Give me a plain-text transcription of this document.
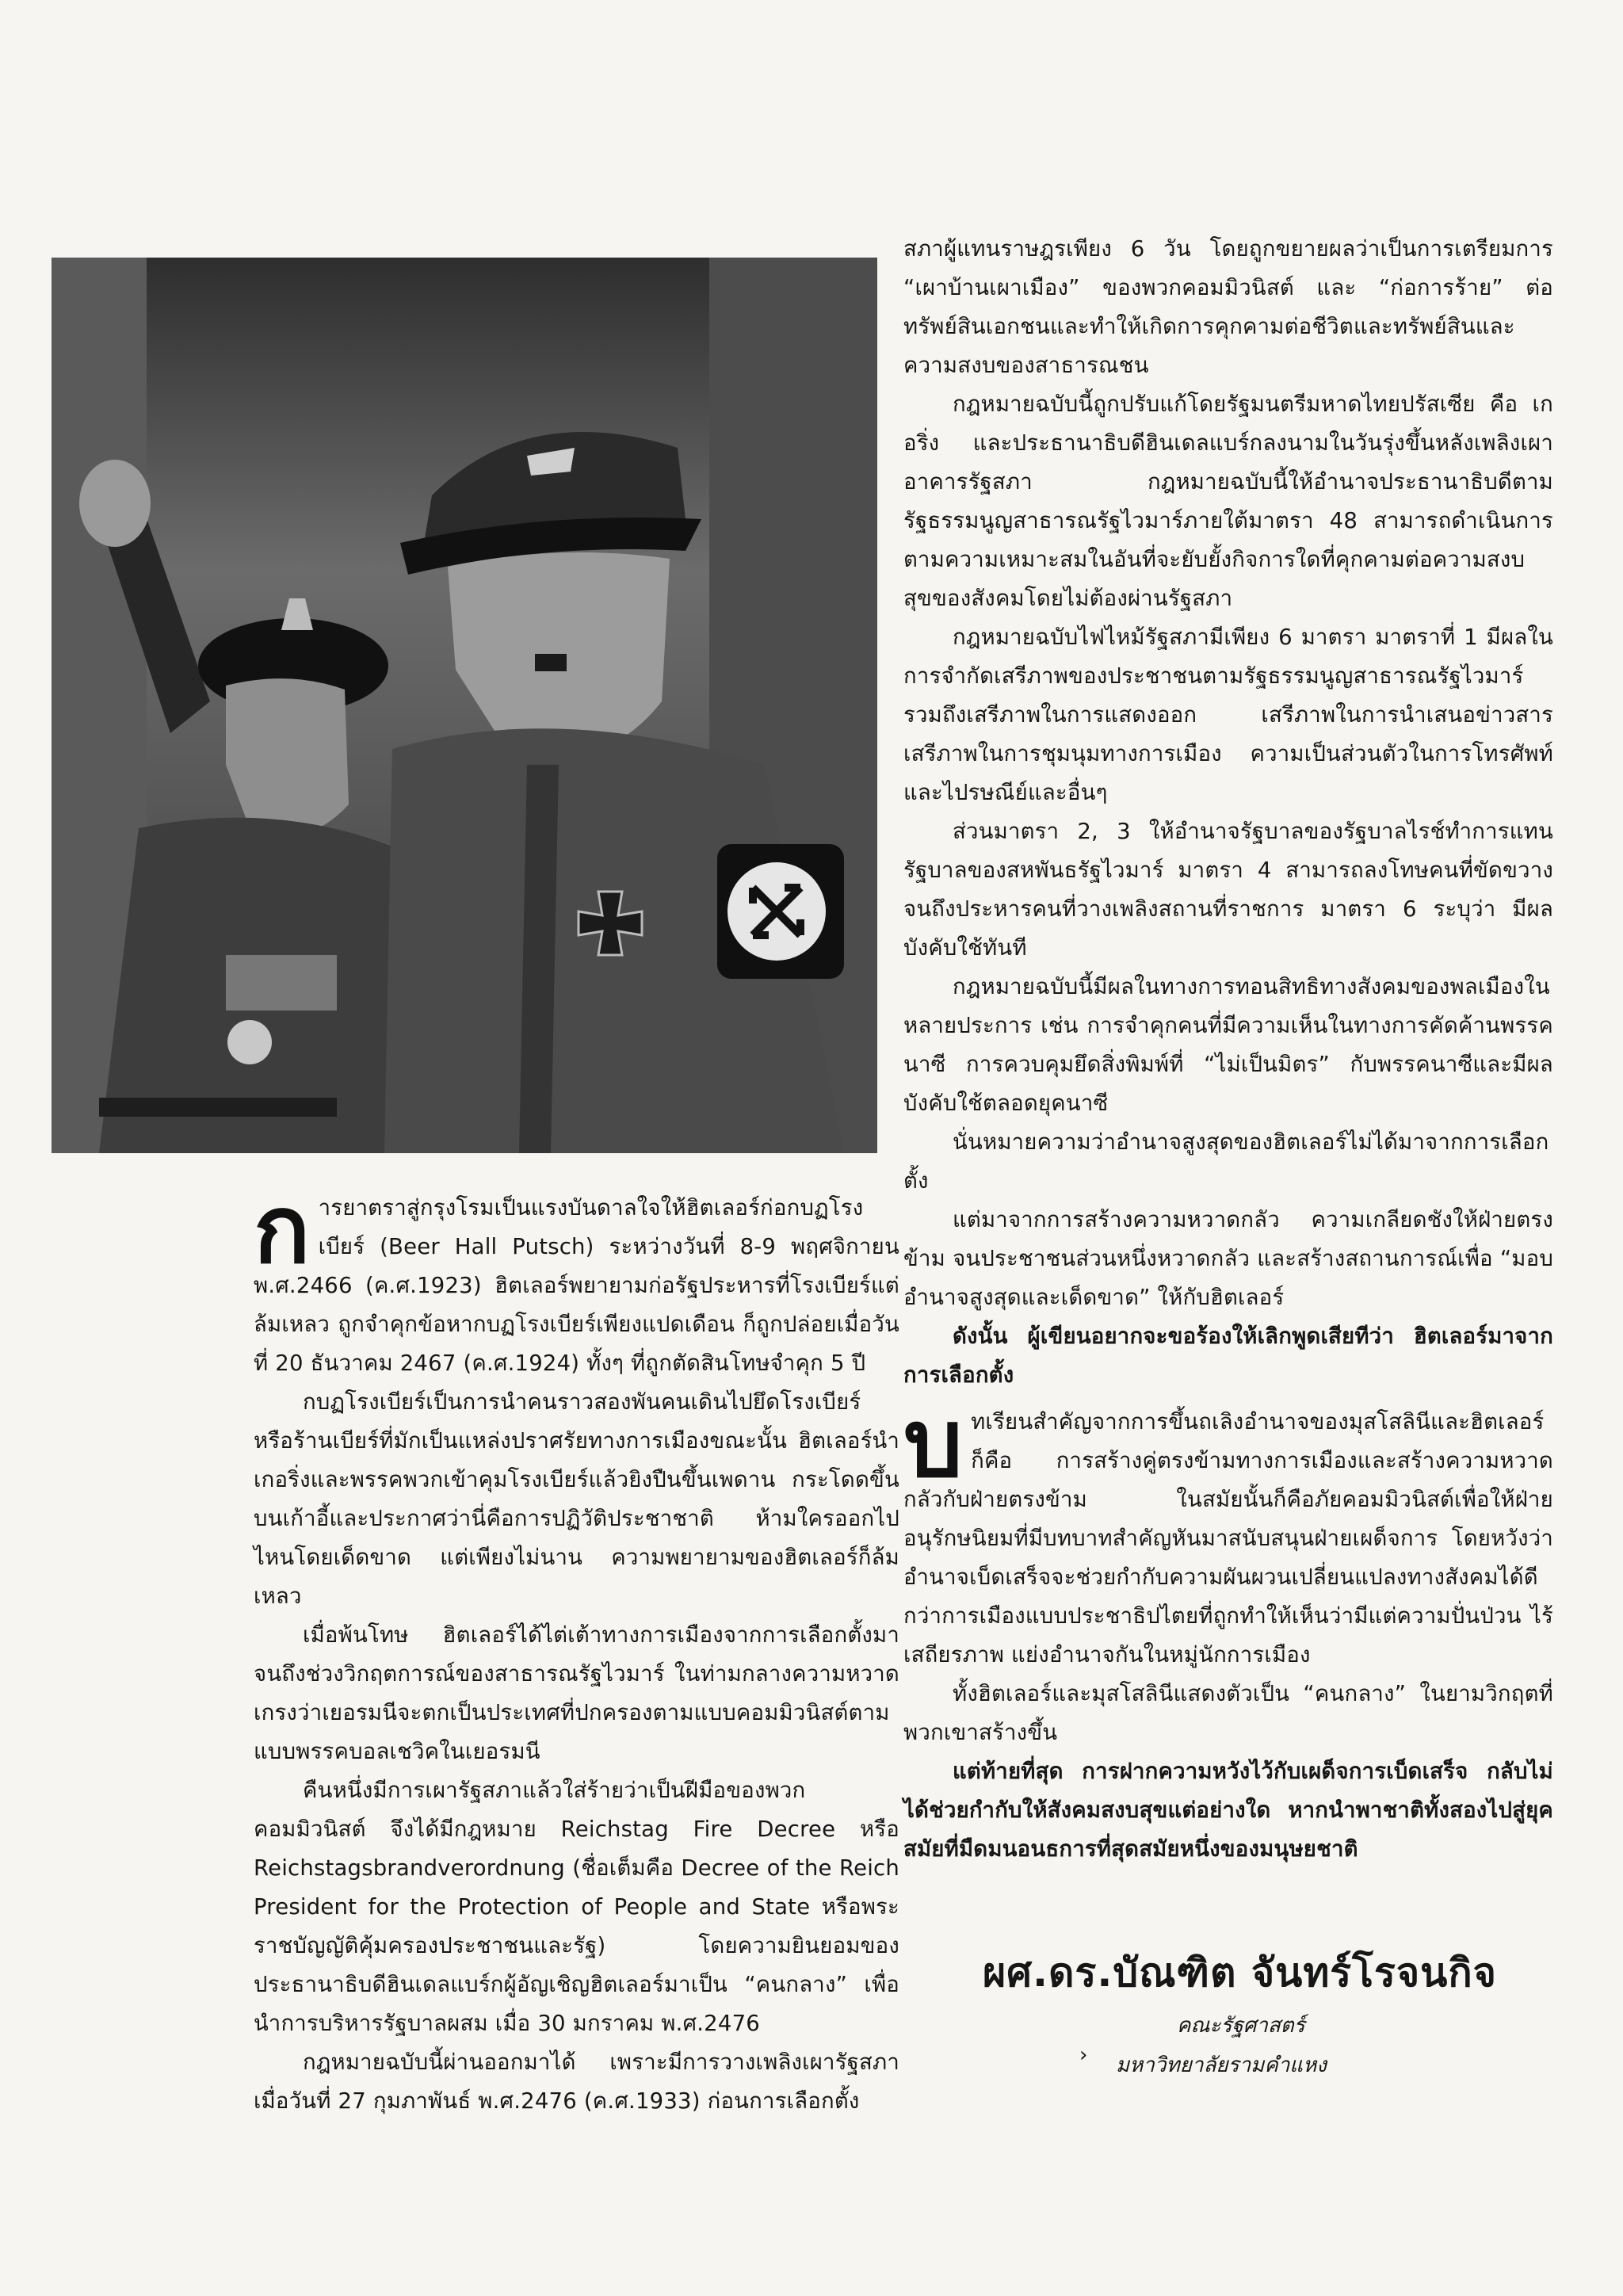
สภาผู้แทนราษฎรเพียง 6 วัน โดยถูกขยายผลว่าเป็นการเตรียมการ “เผาบ้านเผาเมือง” ของพวกคอมมิวนิสต์ และ “ก่อการร้าย” ต่อทรัพย์สินเอกชนและทำให้เกิดการคุกคามต่อชีวิตและทรัพย์สินและความสงบของสาธารณชน

กฎหมายฉบับนี้ถูกปรับแก้โดยรัฐมนตรีมหาดไทยปรัสเซีย คือ เกอริ่ง และประธานาธิบดีฮินเดลแบร์กลงนามในวันรุ่งขึ้นหลังเพลิงเผาอาคารรัฐสภา กฎหมายฉบับนี้ให้อำนาจประธานาธิบดีตามรัฐธรรมนูญสาธารณรัฐไวมาร์ภายใต้มาตรา 48 สามารถดำเนินการตามความเหมาะสมในอันที่จะยับยั้งกิจการใดที่คุกคามต่อความสงบสุขของสังคมโดยไม่ต้องผ่านรัฐสภา

กฎหมายฉบับไฟไหม้รัฐสภามีเพียง 6 มาตรา มาตราที่ 1 มีผลในการจำกัดเสรีภาพของประชาชนตามรัฐธรรมนูญสาธารณรัฐไวมาร์ รวมถึงเสรีภาพในการแสดงออก เสรีภาพในการนำเสนอข่าวสาร เสรีภาพในการชุมนุมทางการเมือง ความเป็นส่วนตัวในการโทรศัพท์และไปรษณีย์และอื่นๆ

ส่วนมาตรา 2, 3 ให้อำนาจรัฐบาลของรัฐบาลไรช์ทำการแทนรัฐบาลของสหพันธรัฐไวมาร์ มาตรา 4 สามารถลงโทษคนที่ขัดขวางจนถึงประหารคนที่วางเพลิงสถานที่ราชการ มาตรา 6 ระบุว่า มีผลบังคับใช้ทันที

กฎหมายฉบับนี้มีผลในทางการทอนสิทธิทางสังคมของพลเมืองในหลายประการ เช่น การจำคุกคนที่มีความเห็นในทางการคัดค้านพรรคนาซี การควบคุมยึดสิ่งพิมพ์ที่ “ไม่เป็นมิตร” กับพรรคนาซีและมีผลบังคับใช้ตลอดยุคนาซี

นั่นหมายความว่าอำนาจสูงสุดของฮิตเลอร์ไม่ได้มาจากการเลือกตั้ง

แต่มาจากการสร้างความหวาดกลัว ความเกลียดชังให้ฝ่ายตรงข้าม จนประชาชนส่วนหนึ่งหวาดกลัว และสร้างสถานการณ์เพื่อ “มอบอำนาจสูงสุดและเด็ดขาด” ให้กับฮิตเลอร์

ดังนั้น ผู้เขียนอยากจะขอร้องให้เลิกพูดเสียทีว่า ฮิตเลอร์มาจากการเลือกตั้ง

ก ารยาตราสู่กรุงโรมเป็นแรงบันดาลใจให้ฮิตเลอร์ก่อกบฏโรงเบียร์ (Beer Hall Putsch) ระหว่างวันที่ 8-9 พฤศจิกายน พ.ศ.2466 (ค.ศ.1923) ฮิตเลอร์พยายามก่อรัฐประหารที่โรงเบียร์แต่ล้มเหลว ถูกจำคุกข้อหากบฏโรงเบียร์เพียงแปดเดือน ก็ถูกปล่อยเมื่อวันที่ 20 ธันวาคม 2467 (ค.ศ.1924) ทั้งๆ ที่ถูกตัดสินโทษจำคุก 5 ปี

กบฏโรงเบียร์เป็นการนำคนราวสองพันคนเดินไปยึดโรงเบียร์ หรือร้านเบียร์ที่มักเป็นแหล่งปราศรัยทางการเมืองขณะนั้น ฮิตเลอร์นำเกอริ่งและพรรคพวกเข้าคุมโรงเบียร์แล้วยิงปืนขึ้นเพดาน กระโดดขึ้นบนเก้าอี้และประกาศว่านี่คือการปฏิวัติประชาชาติ ห้ามใครออกไปไหนโดยเด็ดขาด แต่เพียงไม่นาน ความพยายามของฮิตเลอร์ก็ล้มเหลว

เมื่อพ้นโทษ ฮิตเลอร์ได้ไต่เต้าทางการเมืองจากการเลือกตั้งมาจนถึงช่วงวิกฤตการณ์ของสาธารณรัฐไวมาร์ ในท่ามกลางความหวาดเกรงว่าเยอรมนีจะตกเป็นประเทศที่ปกครองตามแบบคอมมิวนิสต์ตามแบบพรรคบอลเชวิคในเยอรมนี

คืนหนึ่งมีการเผารัฐสภาแล้วใส่ร้ายว่าเป็นฝีมือของพวกคอมมิวนิสต์ จึงได้มีกฎหมาย Reichstag Fire Decree หรือ Reichstagsbrandverordnung (ชื่อเต็มคือ Decree of the Reich President for the Protection of People and State หรือพระราชบัญญัติคุ้มครองประชาชนและรัฐ) โดยความยินยอมของประธานาธิบดีฮินเดลแบร์กผู้อัญเชิญฮิตเลอร์มาเป็น “คนกลาง” เพื่อนำการบริหารรัฐบาลผสม เมื่อ 30 มกราคม พ.ศ.2476

กฎหมายฉบับนี้ผ่านออกมาได้ เพราะมีการวางเพลิงเผารัฐสภาเมื่อวันที่ 27 กุมภาพันธ์ พ.ศ.2476 (ค.ศ.1933) ก่อนการเลือกตั้ง

บ ทเรียนสำคัญจากการขึ้นถเลิงอำนาจของมุสโสลินีและฮิตเลอร์ก็คือ การสร้างคู่ตรงข้ามทางการเมืองและสร้างความหวาดกลัวกับฝ่ายตรงข้าม ในสมัยนั้นก็คือภัยคอมมิวนิสต์เพื่อให้ฝ่ายอนุรักษนิยมที่มีบทบาทสำคัญหันมาสนับสนุนฝ่ายเผด็จการ โดยหวังว่าอำนาจเบ็ดเสร็จจะช่วยกำกับความผันผวนเปลี่ยนแปลงทางสังคมได้ดีกว่าการเมืองแบบประชาธิปไตยที่ถูกทำให้เห็นว่ามีแต่ความปั่นป่วน ไร้เสถียรภาพ แย่งอำนาจกันในหมู่นักการเมือง

ทั้งฮิตเลอร์และมุสโสลินีแสดงตัวเป็น “คนกลาง” ในยามวิกฤตที่พวกเขาสร้างขึ้น

แต่ท้ายที่สุด การฝากความหวังไว้กับเผด็จการเบ็ดเสร็จ กลับไม่ได้ช่วยกำกับให้สังคมสงบสุขแต่อย่างใด หากนำพาชาติทั้งสองไปสู่ยุคสมัยที่มืดมนอนธการที่สุดสมัยหนึ่งของมนุษยชาติ

ผศ.ดร.บัณฑิต จันทร์โรจนกิจ
คณะรัฐศาสตร์
› มหาวิทยาลัยรามคำแหง
